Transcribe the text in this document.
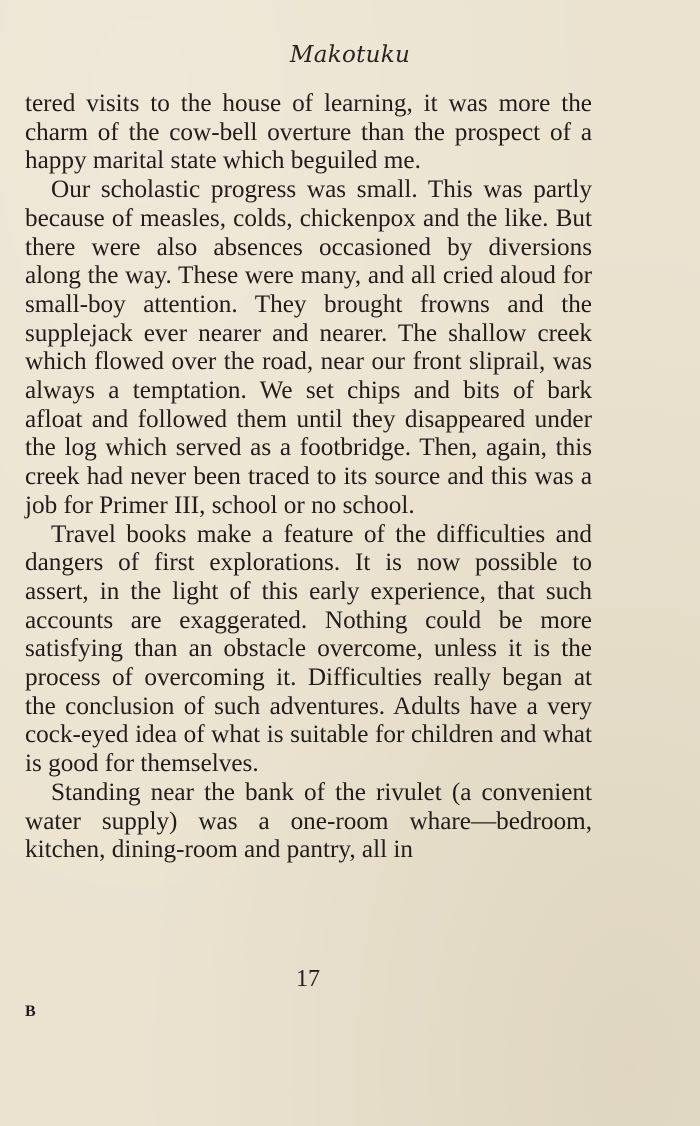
Makotuku

tered visits to the house of learning, it was more the charm of the cow-bell overture than the prospect of a happy marital state which beguiled me.

Our scholastic progress was small. This was partly because of measles, colds, chickenpox and the like. But there were also absences occasioned by diversions along the way. These were many, and all cried aloud for small-boy attention. They brought frowns and the supplejack ever nearer and nearer. The shallow creek which flowed over the road, near our front sliprail, was always a temptation. We set chips and bits of bark afloat and followed them until they disappeared under the log which served as a footbridge. Then, again, this creek had never been traced to its source and this was a job for Primer III, school or no school.

Travel books make a feature of the difficulties and dangers of first explorations. It is now possible to assert, in the light of this early experience, that such accounts are exaggerated. Nothing could be more satisfying than an obstacle overcome, unless it is the process of overcoming it. Difficulties really began at the conclusion of such adventures. Adults have a very cock-eyed idea of what is suitable for children and what is good for themselves.

Standing near the bank of the rivulet (a convenient water supply) was a one-room whare—bedroom, kitchen, dining-room and pantry, all in

17
B
